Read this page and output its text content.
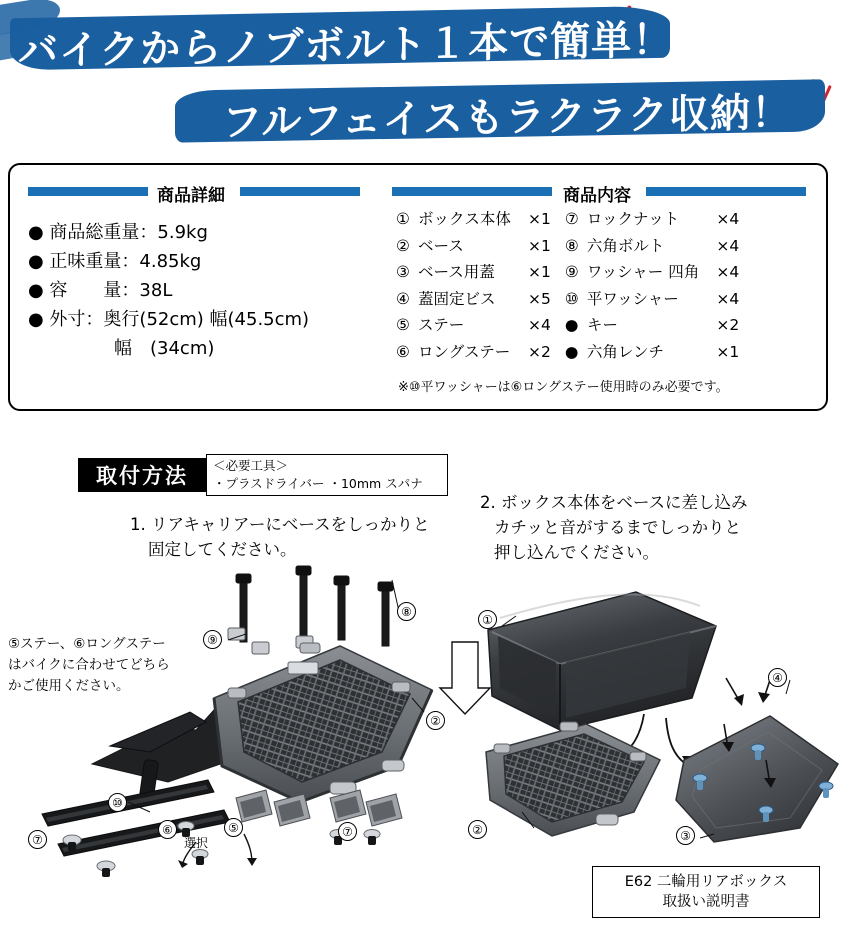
バイクからノブボルト１本で簡単！
フルフェイスもラクラク収納！
商品詳細
● 商品総重量：5.9kg
● 正味重量：4.85kg
● 容　　量：38L
● 外寸：奥行(52cm) 幅(45.5cm)
幅　(34cm)
商品内容
①	ボックス本体	×1		⑦	ロックナット	×4
②	ベース	×1		⑧	六角ボルト	×4
③	ベース用蓋	×1		⑨	ワッシャー 四角	×4
④	蓋固定ビス	×5		⑩	平ワッシャー	×4
⑤	ステー	×4		●	キー	×2
⑥	ロングステー	×2		●	六角レンチ	×1
※⑩平ワッシャーは⑥ロングステー使用時のみ必要です。
取付方法	＜必要工具＞
・プラスドライバー ・10mm スパナ
1. リアキャリアーにベースをしっかりと
固定してください。
2. ボックス本体をベースに差し込み
カチッと音がするまでしっかりと
押し込んでください。
⑤ステー、⑥ロングステー
はバイクに合わせてどちら
かご使用ください。
⑨
⑧
②
⑩
⑦
⑥	⑤	⑦
選択
①
②	③
④
E62 二輪用リアボックス
取扱い説明書
